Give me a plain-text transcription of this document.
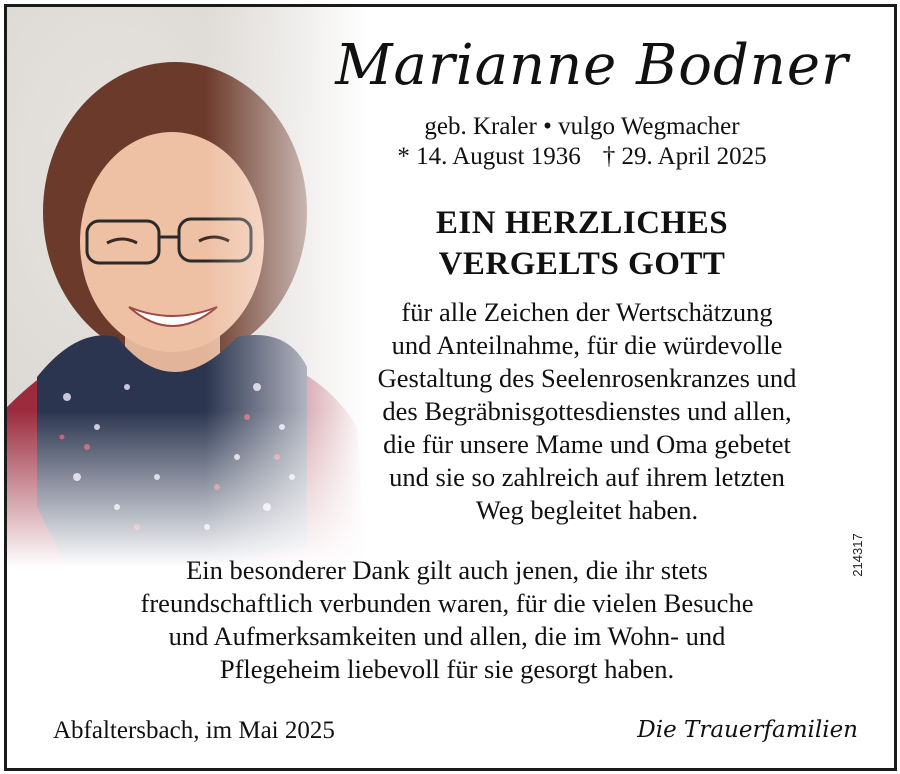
Marianne Bodner
geb. Kraler • vulgo Wegmacher
* 14. August 1936 † 29. April 2025
EIN HERZLICHES
VERGELTS GOTT
für alle Zeichen der Wertschätzung
und Anteilnahme, für die würdevolle
Gestaltung des Seelenrosenkranzes und
des Begräbnisgottesdienstes und allen,
die für unsere Mame und Oma gebetet
und sie so zahlreich auf ihrem letzten
Weg begleitet haben.
Ein besonderer Dank gilt auch jenen, die ihr stets
freundschaftlich verbunden waren, für die vielen Besuche
und Aufmerksamkeiten und allen, die im Wohn- und
Pflegeheim liebevoll für sie gesorgt haben.
Abfaltersbach, im Mai 2025	Die Trauerfamilien
214317
